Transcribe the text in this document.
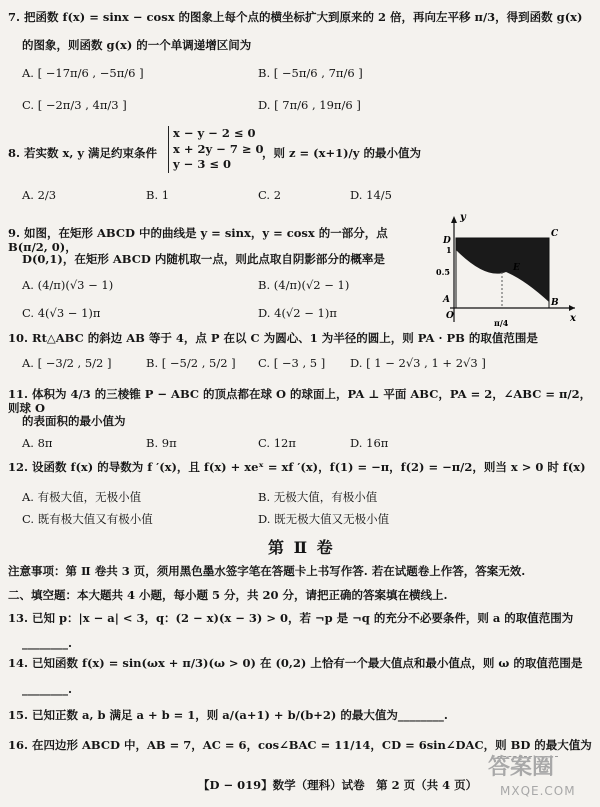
7. 把函数 f(x) = sinx − cosx 的图象上每个点的横坐标扩大到原来的 2 倍，再向左平移 π/3，得到函数 g(x)
的图象，则函数 g(x) 的一个单调递增区间为
A. [ −17π/6 , −5π/6 ]	B. [ −5π/6 , 7π/6 ]
C. [ −2π/3 , 4π/3 ]	D. [ 7π/6 , 19π/6 ]
8. 若实数 x, y 满足约束条件
x − y − 2 ≤ 0
x + 2y − 7 ≥ 0
y − 3 ≤ 0
，则 z = (x+1)/y 的最小值为
A. 2/3	B. 1	C. 2	D. 14/5
9. 如图，在矩形 ABCD 中的曲线是 y = sinx，y = cosx 的一部分，点 B(π/2, 0)，
D(0,1)，在矩形 ABCD 内随机取一点，则此点取自阴影部分的概率是
A. (4/π)(√3 − 1)	B. (4/π)(√2 − 1)
C. 4(√3 − 1)π	D. 4(√2 − 1)π
y
x
D
C
E
A	B
O
1
0.5
π/4
10. Rt△ABC 的斜边 AB 等于 4，点 P 在以 C 为圆心、1 为半径的圆上，则 PA · PB 的取值范围是
A. [ −3/2 , 5/2 ]	B. [ −5/2 , 5/2 ] C. [ −3 , 5 ] D. [ 1 − 2√3 , 1 + 2√3 ]
11. 体积为 4/3 的三棱锥 P − ABC 的顶点都在球 O 的球面上，PA ⊥ 平面 ABC，PA = 2，∠ABC = π/2，则球 O
的表面积的最小值为
A. 8π	B. 9π	C. 12π	D. 16π
12. 设函数 f(x) 的导数为 f ′(x)，且 f(x) + xeˣ = xf ′(x)，f(1) = −π，f(2) = −π/2，则当 x > 0 时 f(x)
A. 有极大值，无极小值	B. 无极大值，有极小值
C. 既有极大值又有极小值	D. 既无极大值又无极小值
第 Ⅱ 卷
注意事项：第 Ⅱ 卷共 3 页，须用黑色墨水签字笔在答题卡上书写作答. 若在试题卷上作答，答案无效.
二、填空题：本大题共 4 小题，每小题 5 分，共 20 分，请把正确的答案填在横线上.
13. 已知 p：|x − a| < 3，q：(2 − x)(x − 3) > 0，若 ¬p 是 ¬q 的充分不必要条件，则 a 的取值范围为
________.
14. 已知函数 f(x) = sin(ωx + π/3)(ω > 0) 在 (0,2) 上恰有一个最大值点和最小值点，则 ω 的取值范围是
________.
15. 已知正数 a, b 满足 a + b = 1，则 a/(a+1) + b/(b+2) 的最大值为________.
16. 在四边形 ABCD 中，AB = 7，AC = 6，cos∠BAC = 11/14，CD = 6sin∠DAC，则 BD 的最大值为
【D − 019】数学（理科）试卷　第 2 页（共 4 页）
答案圈
MXQE.COM
